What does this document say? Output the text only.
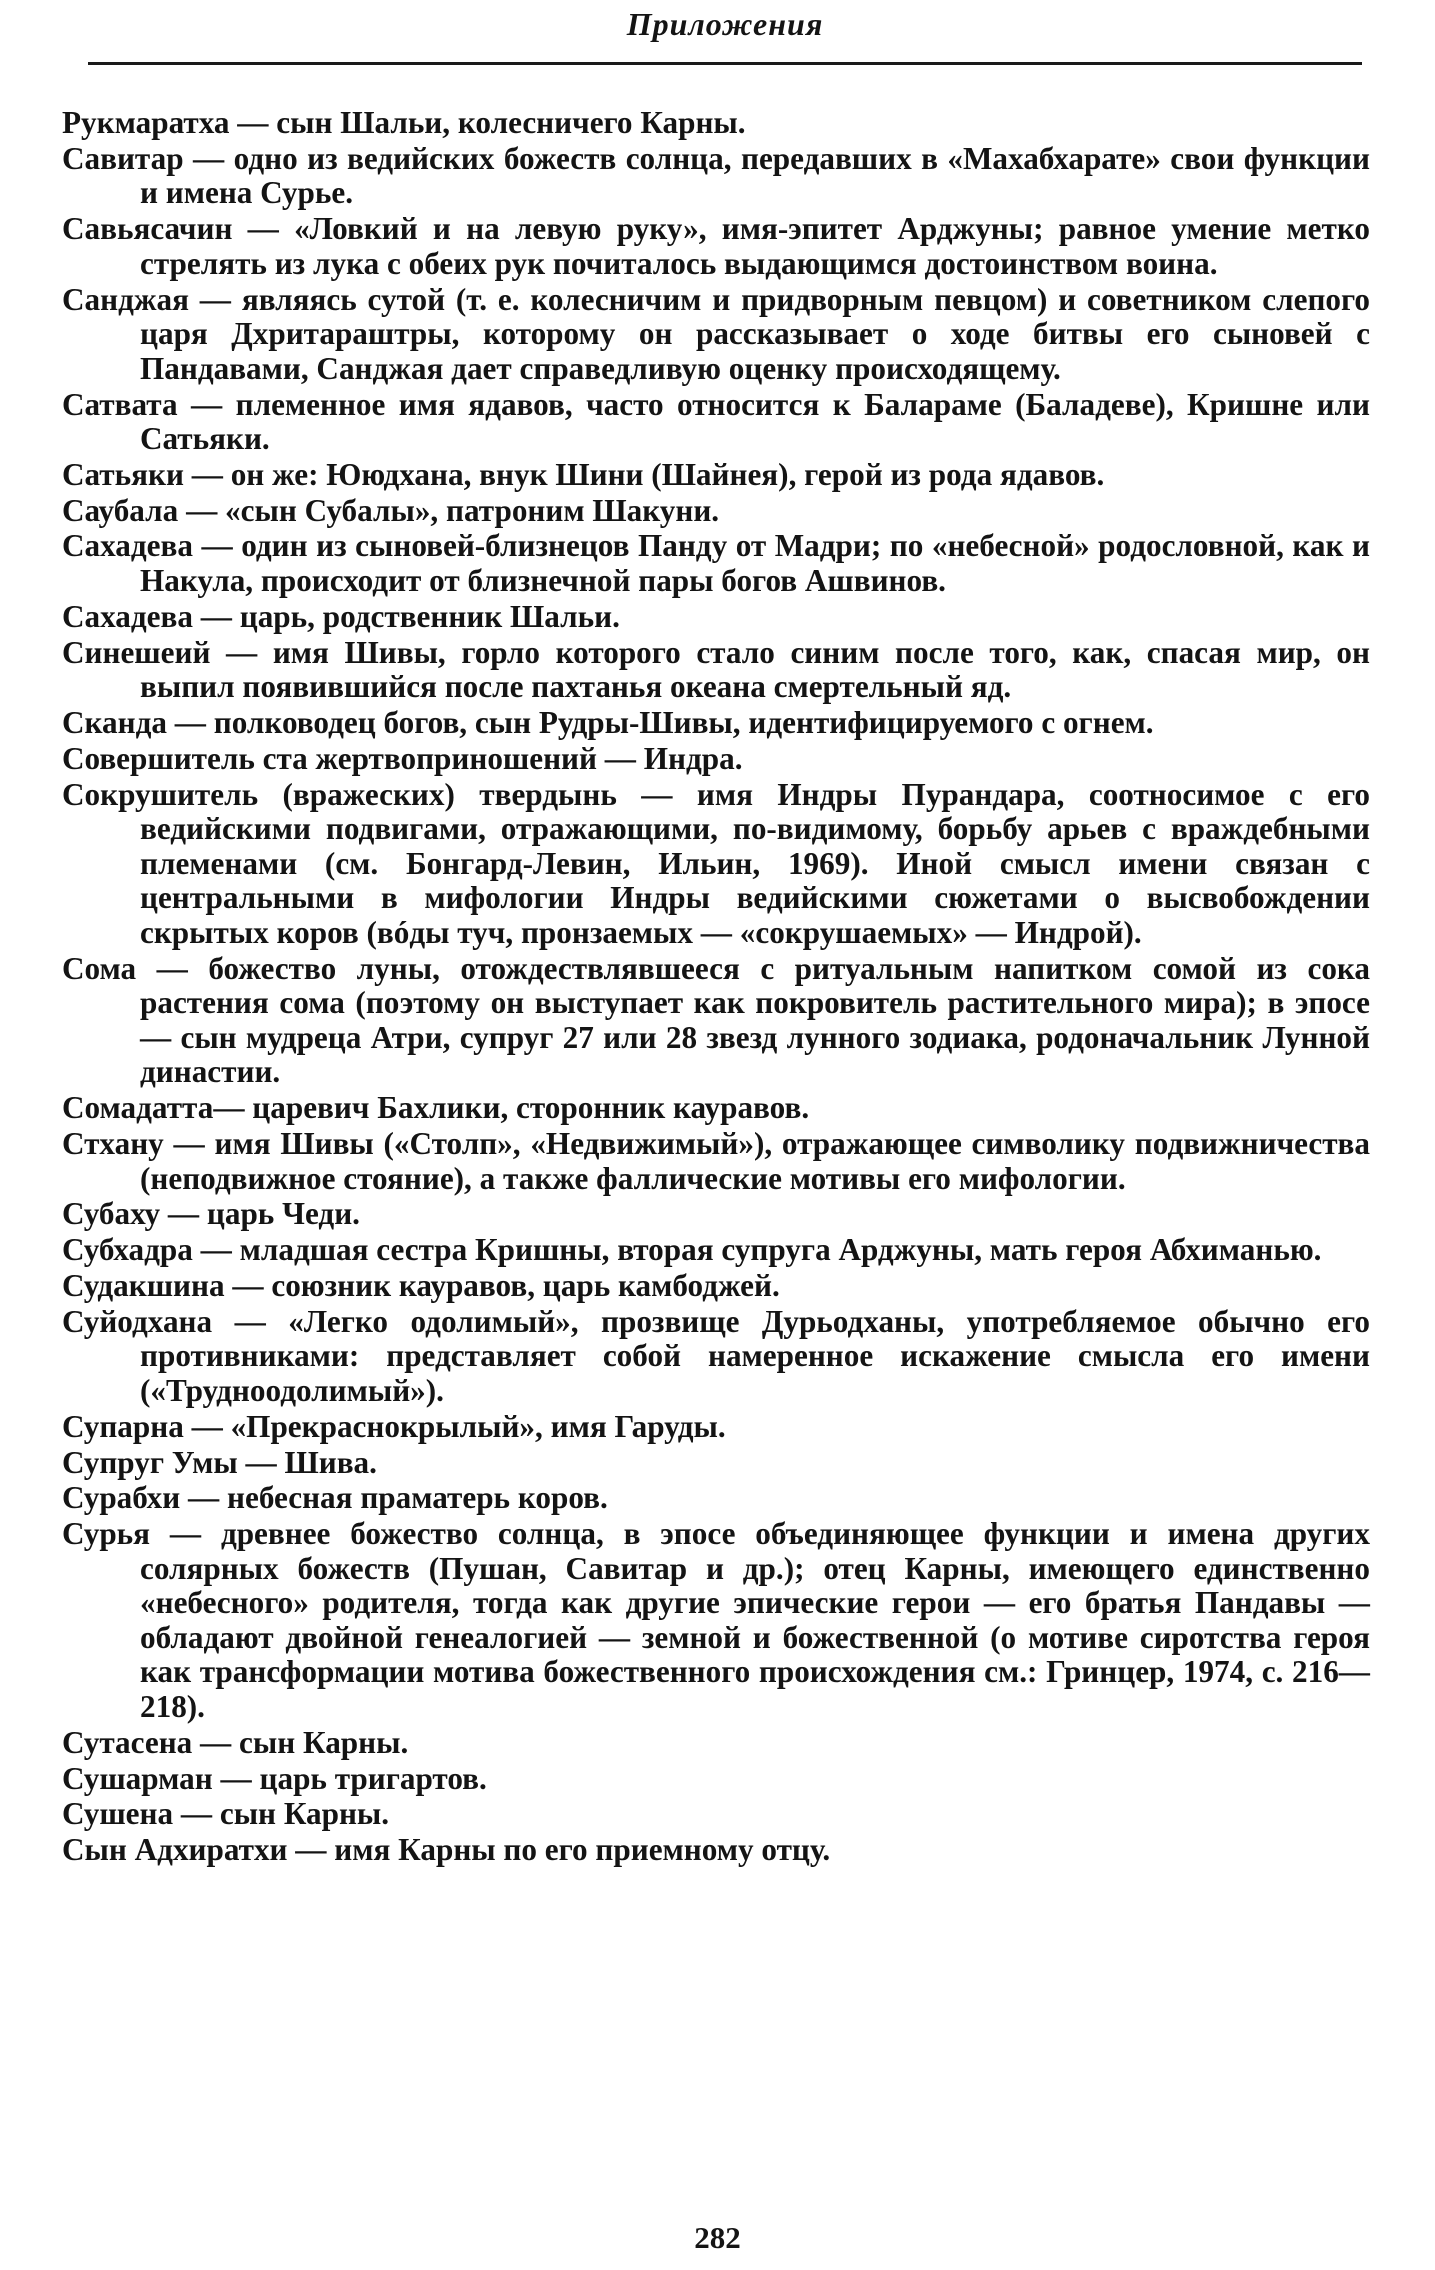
Приложения
Рукмаратха — сын Шальи, колесничего Карны.
Савитар — одно из ведийских божеств солнца, передавших в «Махабхарате» свои функции и имена Сурье.
Савьясачин — «Ловкий и на левую руку», имя-эпитет Арджуны; равное умение метко стрелять из лука с обеих рук почиталось выдающимся достоинством воина.
Санджая — являясь сутой (т. е. колесничим и придворным певцом) и советником слепого царя Дхритараштры, которому он рассказывает о ходе битвы его сыновей с Пандавами, Санджая дает справедливую оценку происходящему.
Сатвата — племенное имя ядавов, часто относится к Балараме (Баладеве), Кришне или Сатьяки.
Сатьяки — он же: Ююдхана, внук Шини (Шайнея), герой из рода ядавов.
Саубала — «сын Субалы», патроним Шакуни.
Сахадева — один из сыновей-близнецов Панду от Мадри; по «небесной» родословной, как и Накула, происходит от близнечной пары богов Ашвинов.
Сахадева — царь, родственник Шальи.
Синешеий — имя Шивы, горло которого стало синим после того, как, спасая мир, он выпил появившийся после пахтанья океана смертельный яд.
Сканда — полководец богов, сын Рудры-Шивы, идентифицируемого с огнем.
Совершитель ста жертвоприношений — Индра.
Сокрушитель (вражеских) твердынь — имя Индры Пурандара, соотносимое с его ведийскими подвигами, отражающими, по-видимому, борьбу арьев с враждебными племенами (см. Бонгард-Левин, Ильин, 1969). Иной смысл имени связан с центральными в мифологии Индры ведийскими сюжетами о высвобождении скрытых коров (вóды туч, пронзаемых — «сокрушаемых» — Индрой).
Сома — божество луны, отождествлявшееся с ритуальным напитком сомой из сока растения сома (поэтому он выступает как покровитель растительного мира); в эпосе — сын мудреца Атри, супруг 27 или 28 звезд лунного зодиака, родоначальник Лунной династии.
Сомадатта— царевич Бахлики, сторонник кауравов.
Стхану — имя Шивы («Столп», «Недвижимый»), отражающее символику подвижничества (неподвижное стояние), а также фаллические мотивы его мифологии.
Субаху — царь Чеди.
Субхадра — младшая сестра Кришны, вторая супруга Арджуны, мать героя Абхиманью.
Судакшина — союзник кауравов, царь камбоджей.
Суйодхана — «Легко одолимый», прозвище Дурьодханы, употребляемое обычно его противниками: представляет собой намеренное искажение смысла его имени («Трудноодолимый»).
Супарна — «Прекраснокрылый», имя Гаруды.
Супруг Умы — Шива.
Сурабхи — небесная праматерь коров.
Сурья — древнее божество солнца, в эпосе объединяющее функции и имена других солярных божеств (Пушан, Савитар и др.); отец Карны, имеющего единственно «небесного» родителя, тогда как другие эпические герои — его братья Пандавы — обладают двойной генеалогией — земной и божественной (о мотиве сиротства героя как трансформации мотива божественного происхождения см.: Гринцер, 1974, с. 216—218).
Сутасена — сын Карны.
Сушарман — царь тригартов.
Сушена — сын Карны.
Сын Адхиратхи — имя Карны по его приемному отцу.
282
